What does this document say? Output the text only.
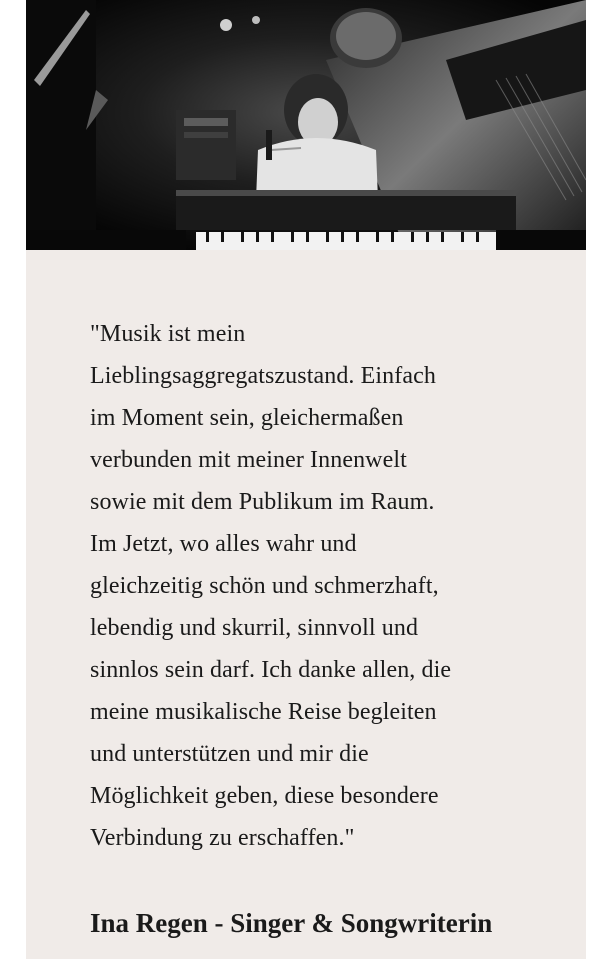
"Musik ist mein
Lieblingsaggregatszustand. Einfach
im Moment sein, gleichermaßen
verbunden mit meiner Innenwelt
sowie mit dem Publikum im Raum.
Im Jetzt, wo alles wahr und
gleichzeitig schön und schmerzhaft,
lebendig und skurril, sinnvoll und
sinnlos sein darf. Ich danke allen, die
meine musikalische Reise begleiten
und unterstützen und mir die
Möglichkeit geben, diese besondere
Verbindung zu erschaffen."

Ina Regen - Singer & Songwriterin
